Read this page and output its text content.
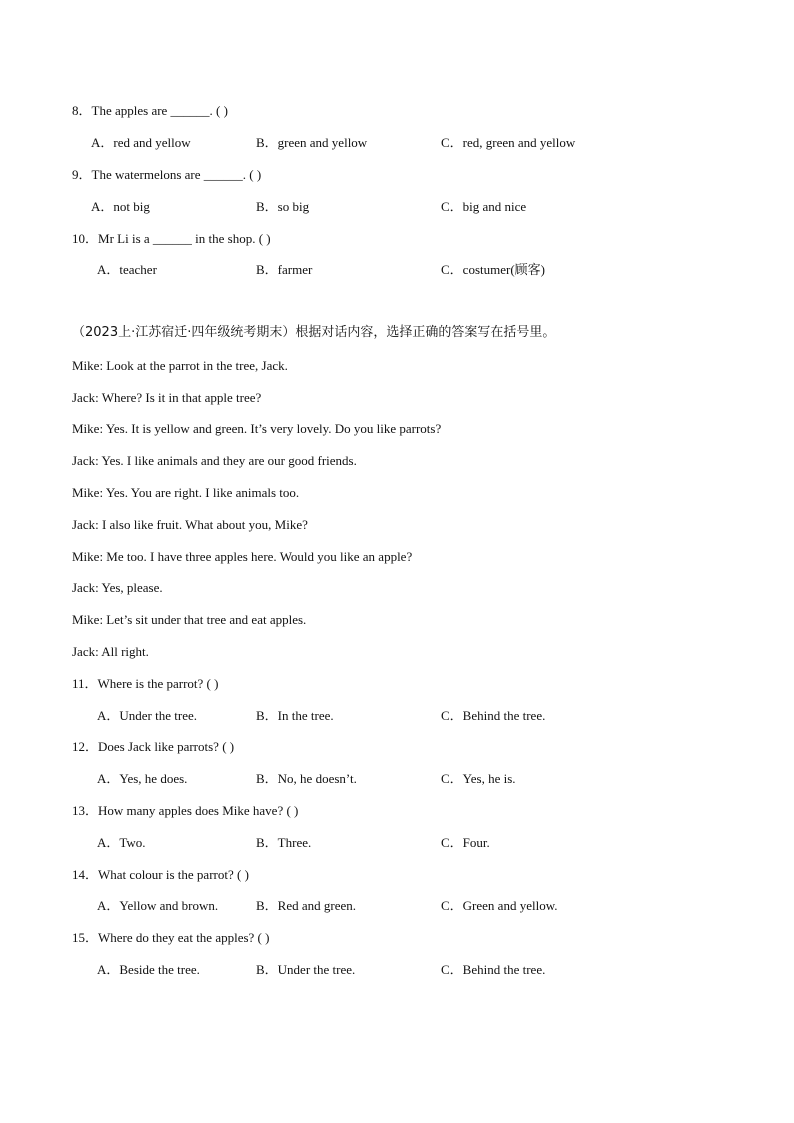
8．The apples are ______. ( )
A．red and yellow	B．green and yellow	C．red, green and yellow
9．The watermelons are ______. ( )
A．not big	B．so big	C．big and nice
10．Mr Li is a ______ in the shop. ( )
A．teacher	B．farmer	C．costumer(顾客)
（2023上·江苏宿迁·四年级统考期末）根据对话内容，选择正确的答案写在括号里。
Mike: Look at the parrot in the tree, Jack.
Jack: Where? Is it in that apple tree?
Mike: Yes. It is yellow and green. It’s very lovely. Do you like parrots?
Jack: Yes. I like animals and they are our good friends.
Mike: Yes. You are right. I like animals too.
Jack: I also like fruit. What about you, Mike?
Mike: Me too. I have three apples here. Would you like an apple?
Jack: Yes, please.
Mike: Let’s sit under that tree and eat apples.
Jack: All right.
11．Where is the parrot? ( )
A．Under the tree.	B．In the tree.	C．Behind the tree.
12．Does Jack like parrots? ( )
A．Yes, he does.	B．No, he doesn’t.	C．Yes, he is.
13．How many apples does Mike have? ( )
A．Two.	B．Three.	C．Four.
14．What colour is the parrot? ( )
A．Yellow and brown.	B．Red and green.	C．Green and yellow.
15．Where do they eat the apples? ( )
A．Beside the tree.	B．Under the tree.	C．Behind the tree.
